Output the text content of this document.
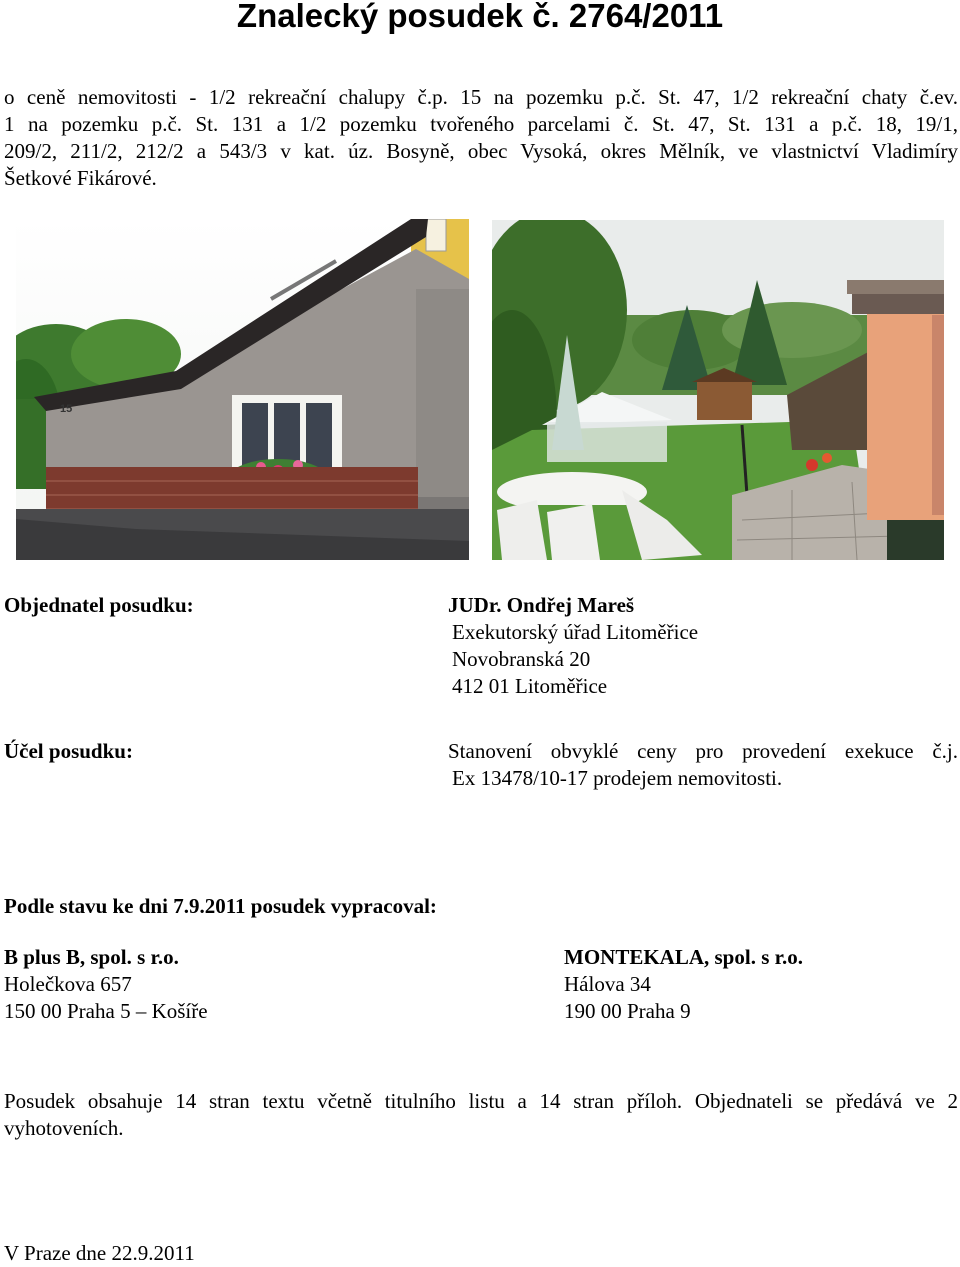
Znalecký posudek č. 2764/2011
o ceně nemovitosti - 1/2 rekreační chalupy č.p. 15 na pozemku p.č. St. 47, 1/2 rekreační chaty č.ev.
1 na pozemku p.č. St. 131 a 1/2 pozemku tvořeného parcelami č. St. 47, St. 131 a p.č. 18, 19/1,
209/2, 211/2, 212/2 a 543/3 v kat. úz. Bosyně, obec Vysoká, okres Mělník, ve vlastnictví Vladimíry
Šetkové Fikárové.
15
Objednatel posudku:	JUDr. Ondřej Mareš
Exekutorský úřad Litoměřice
Novobranská 20
412 01 Litoměřice
Účel posudku:	Stanovení obvyklé ceny pro provedení exekuce č.j.
Ex 13478/10-17 prodejem nemovitosti.
Podle stavu ke dni 7.9.2011 posudek vypracoval:
B plus B, spol. s r.o.
Holečkova 657
150 00 Praha 5 – Košíře
MONTEKALA, spol. s r.o.
Hálova 34
190 00 Praha 9
Posudek obsahuje 14 stran textu včetně titulního listu a 14 stran příloh. Objednateli se předává ve 2
vyhotoveních.
V Praze dne 22.9.2011
